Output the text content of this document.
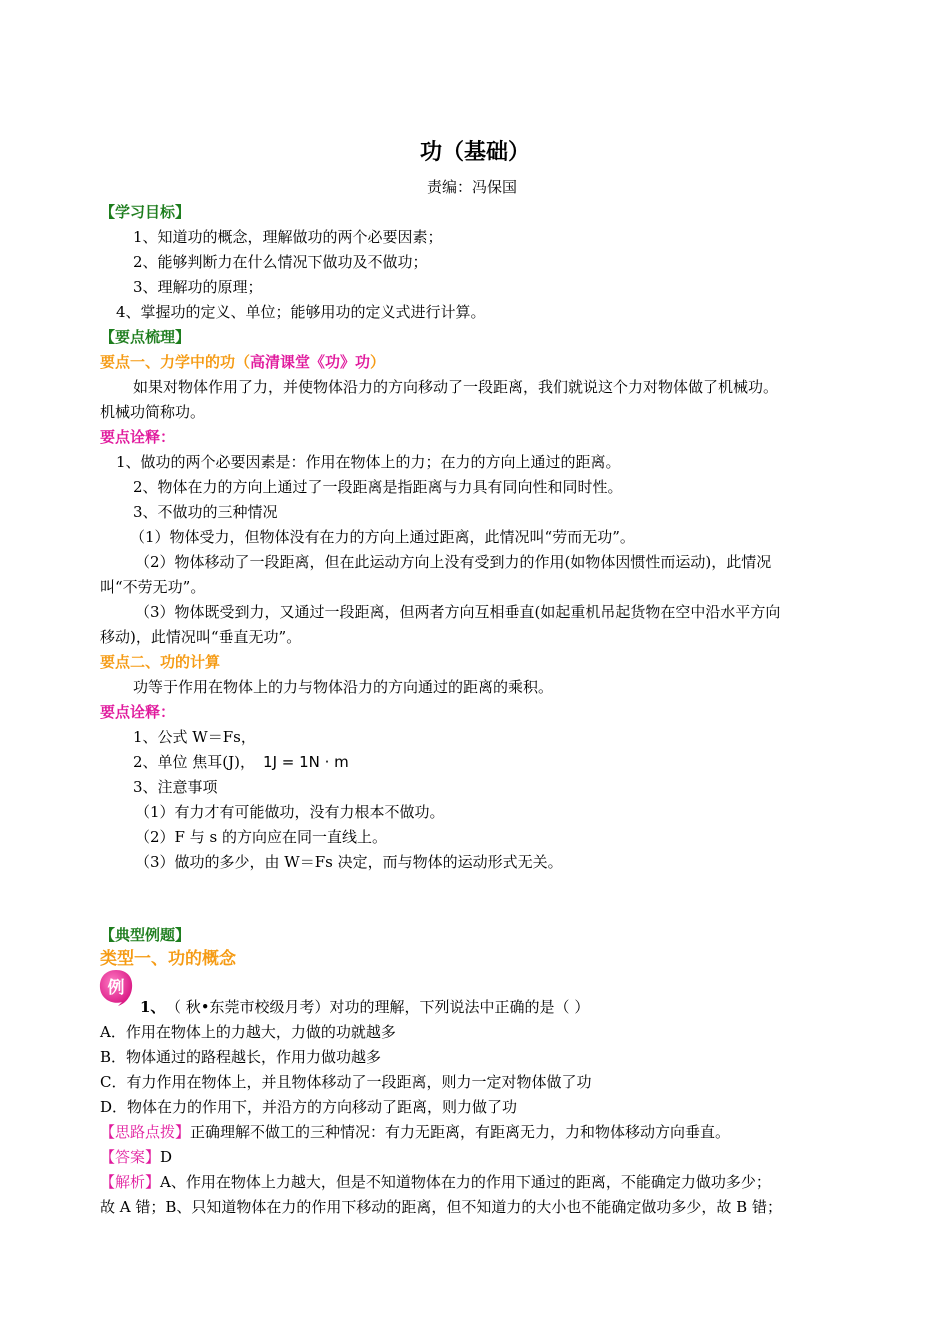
功（基础）
责编：冯保国
【学习目标】
1、知道功的概念，理解做功的两个必要因素；
2、能够判断力在什么情况下做功及不做功；
3、理解功的原理；
4、掌握功的定义、单位；能够用功的定义式进行计算。
【要点梳理】
要点一、力学中的功（高清课堂《功》功）
如果对物体作用了力，并使物体沿力的方向移动了一段距离，我们就说这个力对物体做了机械功。
机械功简称功。
要点诠释：
1、做功的两个必要因素是：作用在物体上的力；在力的方向上通过的距离。
2、物体在力的方向上通过了一段距离是指距离与力具有同向性和同时性。
3、不做功的三种情况
（1）物体受力，但物体没有在力的方向上通过距离，此情况叫“劳而无功”。
（2）物体移动了一段距离，但在此运动方向上没有受到力的作用(如物体因惯性而运动)，此情况
叫“不劳无功”。
（3）物体既受到力，又通过一段距离，但两者方向互相垂直(如起重机吊起货物在空中沿水平方向
移动)，此情况叫“垂直无功”。
要点二、功的计算
功等于作用在物体上的力与物体沿力的方向通过的距离的乘积。
要点诠释：
1、公式 W＝Fs，
2、单位 焦耳(J)， 1J = 1N · m
3、注意事项
（1）有力才有可能做功，没有力根本不做功。
（2）F 与 s 的方向应在同一直线上。
（3）做功的多少，由 W＝Fs 决定，而与物体的运动形式无关。
【典型例题】
类型一、功的概念
例
1、 （ 秋•东莞市校级月考）对功的理解，下列说法中正确的是（ ）
A．作用在物体上的力越大，力做的功就越多
B．物体通过的路程越长，作用力做功越多
C．有力作用在物体上，并且物体移动了一段距离，则力一定对物体做了功
D．物体在力的作用下，并沿方的方向移动了距离，则力做了功
【思路点拨】正确理解不做工的三种情况：有力无距离，有距离无力，力和物体移动方向垂直。
【答案】D
【解析】A、作用在物体上力越大，但是不知道物体在力的作用下通过的距离，不能确定力做功多少；
故 A 错；B、只知道物体在力的作用下移动的距离，但不知道力的大小也不能确定做功多少，故 B 错；
